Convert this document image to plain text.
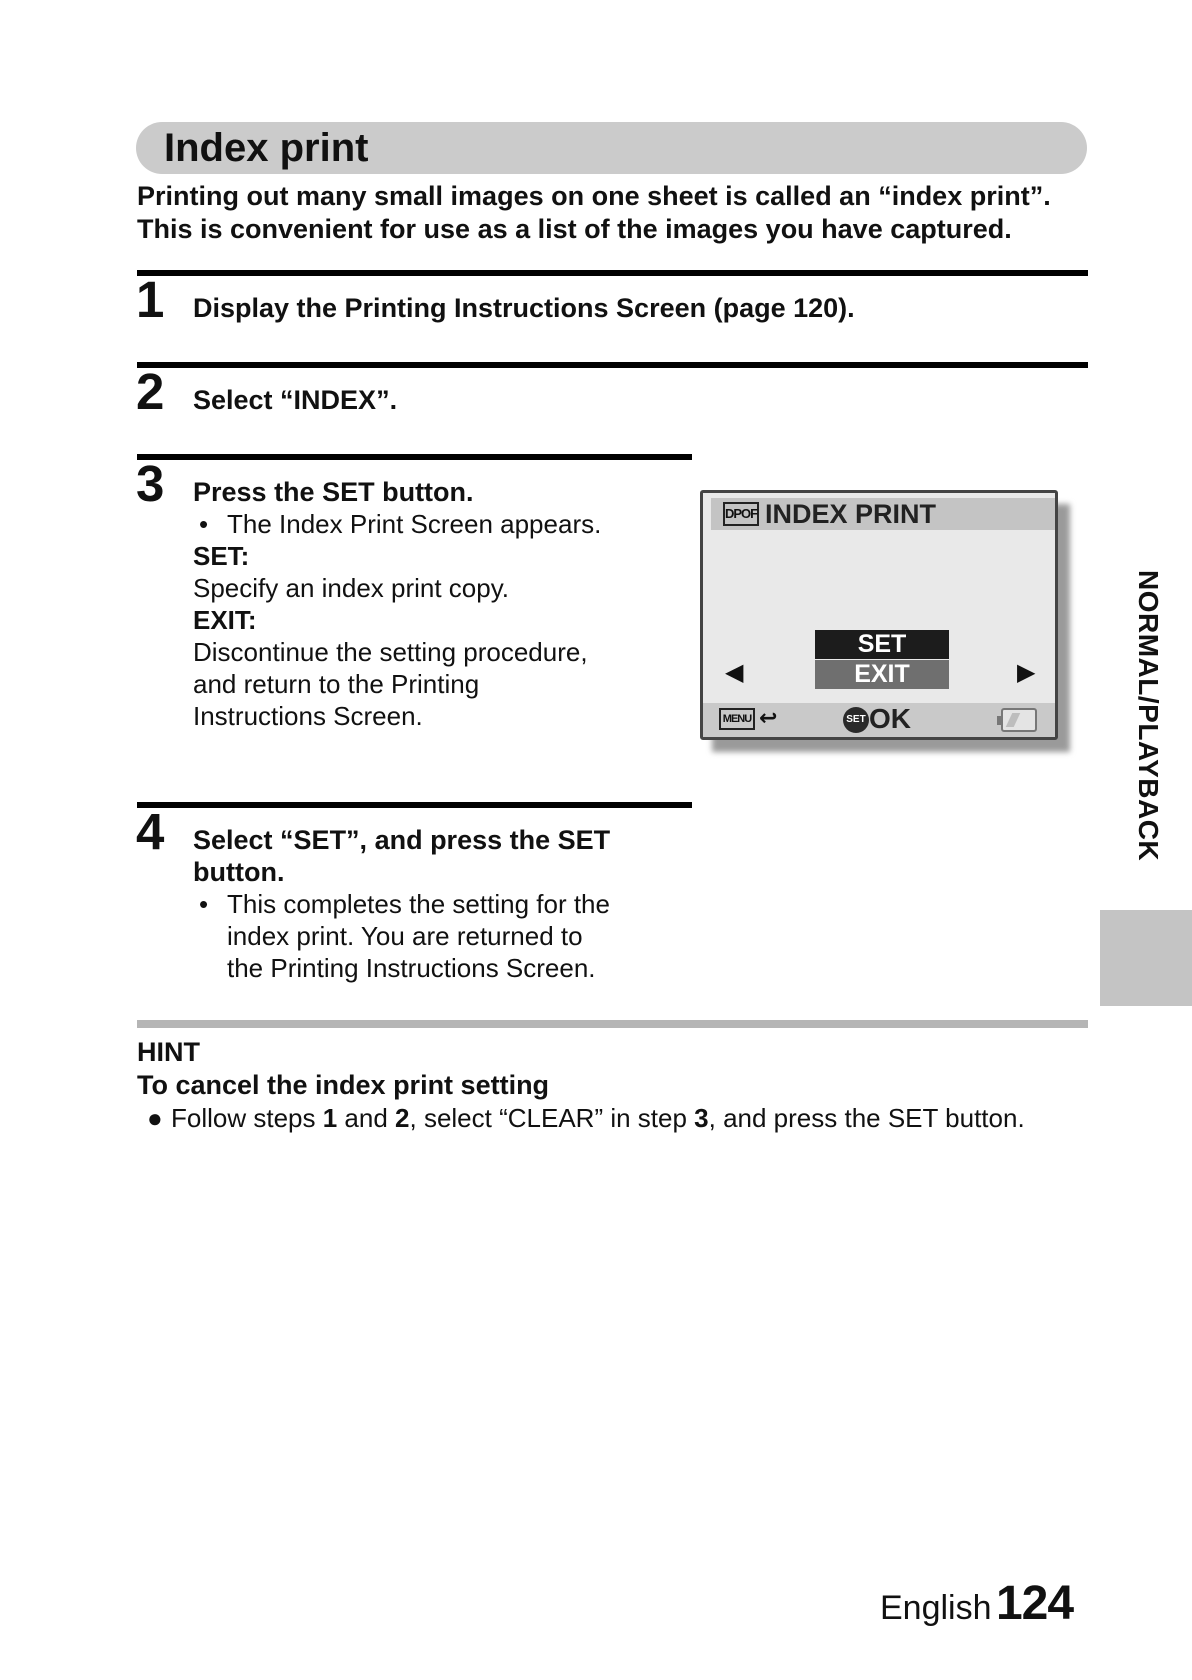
Index print
Printing out many small images on one sheet is called an “index print”.
This is convenient for use as a list of the images you have captured.
1 Display the Printing Instructions Screen (page 120).
2 Select “INDEX”.
3 Press the SET button.
• The Index Print Screen appears.
SET:
Specify an index print copy.
EXIT:
Discontinue the setting procedure,
and return to the Printing
Instructions Screen.
DPOF INDEX PRINT
SET
EXIT
◀	▶
MENU ↩	SET OK
4 Select “SET”, and press the SET
button.
• This completes the setting for the
index print. You are returned to
the Printing Instructions Screen.
NORMAL/PLAYBACK
HINT
To cancel the index print setting
● Follow steps 1 and 2, select “CLEAR” in step 3, and press the SET button.
English 124
